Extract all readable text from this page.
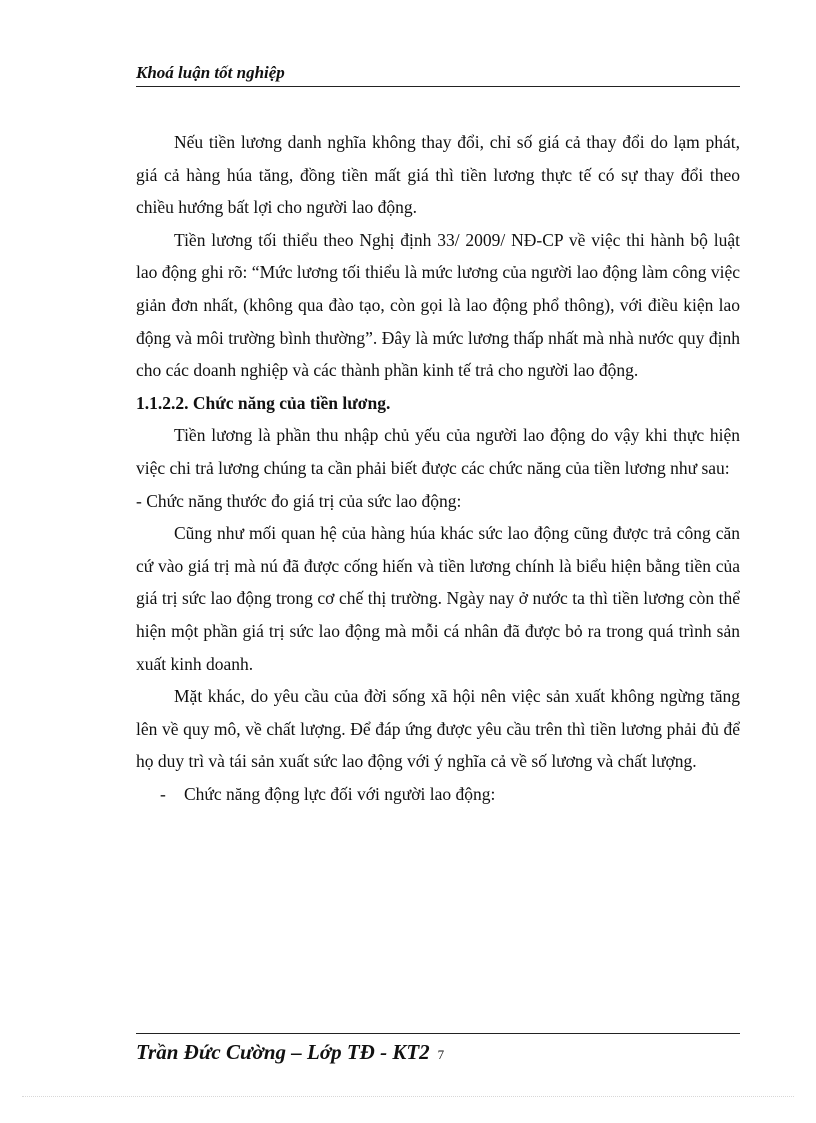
Khoá luận tốt nghiệp

Nếu tiền lương danh nghĩa không thay đổi, chỉ số giá cả thay đổi do lạm phát, giá cả hàng húa tăng, đồng tiền mất giá thì tiền lương thực tế có sự thay đổi theo chiều hướng bất lợi cho người lao động.

Tiền lương tối thiểu theo Nghị định 33/ 2009/ NĐ-CP về việc thi hành bộ luật lao động ghi rõ: “Mức lương tối thiểu là mức lương của người lao động làm công việc giản đơn nhất, (không qua đào tạo, còn gọi là lao động phổ thông), với điều kiện lao động và môi trường bình thường”. Đây là mức lương thấp nhất mà nhà nước quy định cho các doanh nghiệp và các thành phần kinh tế trả cho người lao động.

1.1.2.2. Chức năng của tiền lương.

Tiền lương là phần thu nhập chủ yếu của người lao động do vậy khi thực hiện việc chi trả lương chúng ta cần phải biết được các chức năng của tiền lương như sau:

- Chức năng thước đo giá trị của sức lao động:

Cũng như mối quan hệ của hàng húa khác sức lao động cũng được trả công căn cứ vào giá trị mà nú đã được cống hiến và tiền lương chính là biểu hiện bằng tiền của giá trị sức lao động trong cơ chế thị trường. Ngày nay ở nước ta thì tiền lương còn thể hiện một phần giá trị sức lao động mà mỗi cá nhân đã được bỏ ra trong quá trình sản xuất kinh doanh.

Mặt khác, do yêu cầu của đời sống xã hội nên việc sản xuất không ngừng tăng lên về quy mô, về chất lượng. Để đáp ứng được yêu cầu trên thì tiền lương phải đủ để họ duy trì và tái sản xuất sức lao động với ý nghĩa cả về số lương và chất lượng.

-	Chức năng động lực đối với người lao động:

Trần Đức Cường – Lớp TĐ - KT2 7
